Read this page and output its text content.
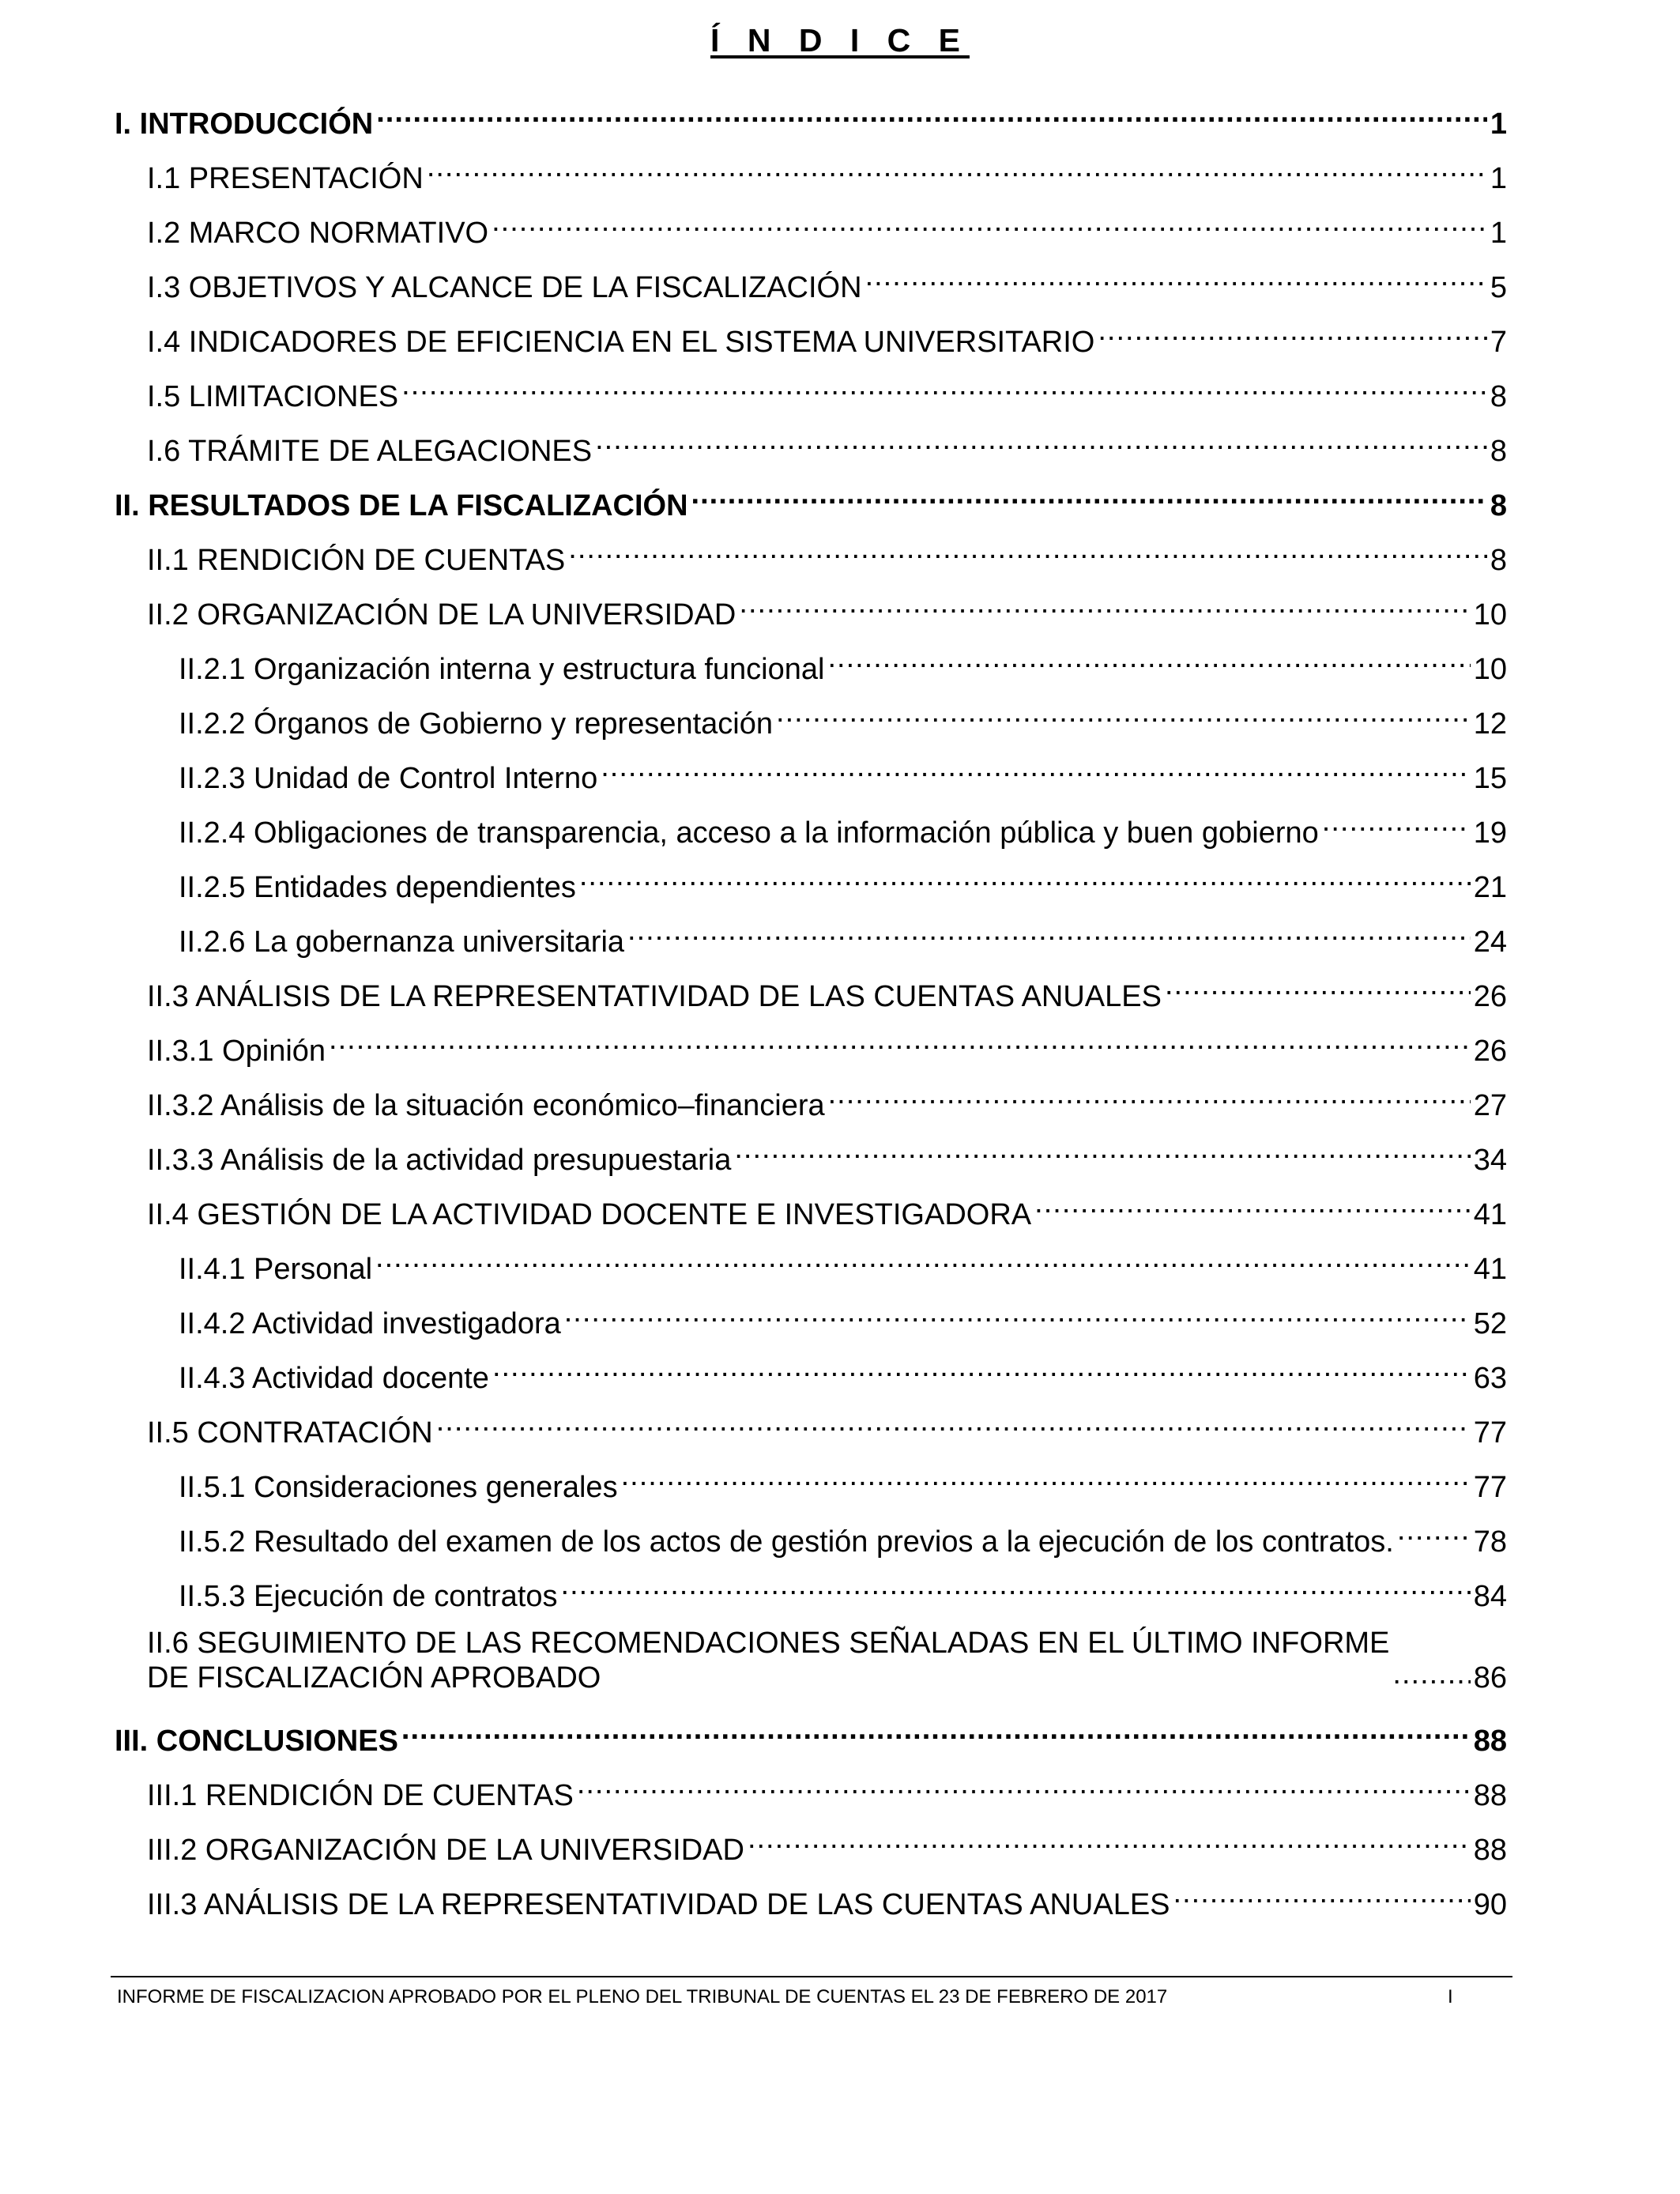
Í N D I C E
I. INTRODUCCIÓN .....	1
I.1 PRESENTACIÓN .....	1
I.2 MARCO NORMATIVO .....	1
I.3 OBJETIVOS Y ALCANCE DE LA FISCALIZACIÓN .....	5
I.4 INDICADORES DE EFICIENCIA EN EL SISTEMA UNIVERSITARIO .....	7
I.5 LIMITACIONES .....	8
I.6 TRÁMITE DE ALEGACIONES .....	8
II. RESULTADOS DE LA FISCALIZACIÓN .....	8
II.1 RENDICIÓN DE CUENTAS .....	8
II.2 ORGANIZACIÓN DE LA UNIVERSIDAD .....	10
II.2.1 Organización interna y estructura funcional .....	10
II.2.2 Órganos de Gobierno y representación .....	12
II.2.3 Unidad de Control Interno .....	15
II.2.4 Obligaciones de transparencia, acceso a la información pública y buen gobierno .....	19
II.2.5 Entidades dependientes .....	21
II.2.6 La gobernanza universitaria .....	24
II.3 ANÁLISIS DE LA REPRESENTATIVIDAD DE LAS CUENTAS ANUALES .....	26
II.3.1 Opinión .....	26
II.3.2 Análisis de la situación económico–financiera .....	27
II.3.3 Análisis de la actividad presupuestaria .....	34
II.4 GESTIÓN DE LA ACTIVIDAD DOCENTE E INVESTIGADORA .....	41
II.4.1 Personal .....	41
II.4.2 Actividad investigadora .....	52
II.4.3 Actividad docente .....	63
II.5 CONTRATACIÓN .....	77
II.5.1 Consideraciones generales .....	77
II.5.2 Resultado del examen de los actos de gestión previos a la ejecución de los contratos. .....	78
II.5.3 Ejecución de contratos .....	84
II.6 SEGUIMIENTO DE LAS RECOMENDACIONES SEÑALADAS EN EL ÚLTIMO INFORME
DE FISCALIZACIÓN APROBADO .....	86
III. CONCLUSIONES .....	88
III.1 RENDICIÓN DE CUENTAS .....	88
III.2 ORGANIZACIÓN DE LA UNIVERSIDAD .....	88
III.3 ANÁLISIS DE LA REPRESENTATIVIDAD DE LAS CUENTAS ANUALES .....	90
INFORME DE FISCALIZACION APROBADO POR EL PLENO DEL TRIBUNAL DE CUENTAS EL 23 DE FEBRERO DE 2017	I
